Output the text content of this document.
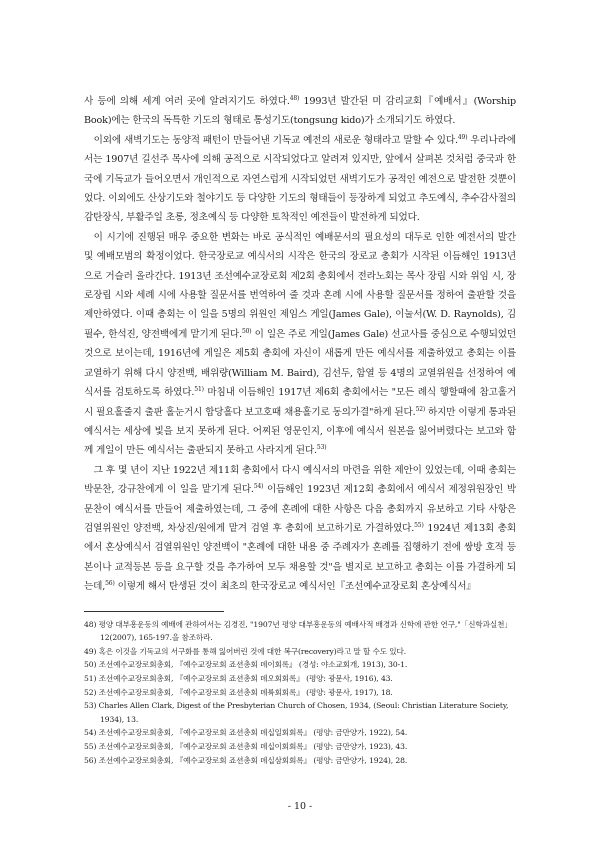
사 등에 의해 세계 여러 곳에 알려지기도 하였다.$^{48)}$ 1993년 발간된 미 감리교회『예배서』(Worship Book)에는 한국의 독특한 기도의 형태로 통성기도(tongsung kido)가 소개되기도 하였다.

이외에 새벽기도는 동양적 패턴이 만들어낸 기독교 예전의 새로운 형태라고 말할 수 있다.$^{49)}$ 우리나라에서는 1907년 길선주 목사에 의해 공적으로 시작되었다고 알려져 있지만, 앞에서 살펴본 것처럼 중국과 한국에 기독교가 들어오면서 개인적으로 자연스럽게 시작되었던 새벽기도가 공적인 예전으로 발전한 것뿐이었다. 이외에도 산상기도와 철야기도 등 다양한 기도의 형태들이 등장하게 되었고 추도예식, 추수감사절의 감탄장식, 부활주일 초롱, 정초예식 등 다양한 토착적인 예전들이 발전하게 되었다.

이 시기에 진행된 매우 중요한 변화는 바로 공식적인 예배문서의 필요성의 대두로 인한 예전서의 발간 및 예배모범의 확정이었다. 한국장로교 예식서의 시작은 한국의 장로교 총회가 시작된 이듬해인 1913년으로 거슬러 올라간다. 1913년 조선예수교장로회 제2회 총회에서 전라노회는 목사 장립 시와 위임 시, 장로장립 시와 세례 시에 사용할 질문서를 번역하여 줄 것과 혼례 시에 사용할 질문서를 정하여 출판할 것을 제안하였다. 이때 총회는 이 일을 5명의 위원인 제임스 게일(James Gale), 이눌서(W. D. Raynolds), 김필수, 한석진, 양전백에게 맡기게 된다.$^{50)}$ 이 일은 주로 게일(James Gale) 선교사를 중심으로 수행되었던 것으로 보이는데, 1916년에 게일은 제5회 총회에 자신이 새롭게 만든 예식서를 제출하였고 총회는 이를 교열하기 위해 다시 양전백, 배위량(William M. Baird), 김선두, 함열 등 4명의 교열위원을 선정하여 예식서를 검토하도록 하였다.$^{51)}$ 마침내 이듬해인 1917년 제6회 총회에서는 "모든 례식 햏할때에 참고홀거시 필요홀줄지 출판 홀눈거시 합당홀다 보고호때 채용홀기로 동의가결"하게 된다.$^{52)}$ 하지만 이렇게 통과된 예식서는 세상에 빛을 보지 못하게 된다. 어찌된 영문인지, 이후에 예식서 원본을 잃어버렸다는 보고와 함께 게일이 만든 예식서는 출판되지 못하고 사라지게 된다.$^{53)}$

그 후 몇 년이 지난 1922년 제11회 총회에서 다시 예식서의 마련을 위한 제안이 있었는데, 이때 총회는 박문찬, 강규찬에게 이 일을 맡기게 된다.$^{54)}$ 이듬해인 1923년 제12회 총회에서 예식서 제정위원장인 박문찬이 예식서를 만들어 제출하였는데, 그 중에 혼례에 대한 사항은 다음 총회까지 유보하고 기타 사항은 검열위원인 양전백, 차상진/원에게 맡겨 검열 후 총회에 보고하기로 가결하였다.$^{55)}$ 1924년 제13회 총회에서 혼상예식서 검열위원인 양전백이 "혼례에 대한 내용 중 주례자가 혼례를 집행하기 전에 쌍방 호적 등본이나 교적등본 등을 요구할 것을 추가하여 모두 채용할 것"을 별지로 보고하고 총회는 이를 가결하게 되는데,$^{56)}$ 이렇게 해서 탄생된 것이 최초의 한국장로교 예식서인『조선예수교장로회 혼상예식서』

48) 평양 대부흥운동의 예배에 관하여서는 김경진, "1907년 평양 대부흥운동의 예배사적 배경과 신학에 관한 연구,"「신학과실천」12(2007), 165-197.을 참조하라.

49) 혹은 이것을 기독교의 서구화를 통해 잃어버린 것에 대한 복구(recovery)라고 말 할 수도 있다.

50) 조선예수교장로회총회, 『예수교장로회 죠션총회 뎨이회록』 (경성: 야소교회개, 1913), 30-1.

51) 조선예수교장로회총회, 『예수교장로회 죠션총회 뎨오회회록』 (평양: 광문사, 1916), 43.

52) 조선예수교장로회총회, 『예수교장로회 죠션총회 뎨륙회회록』 (평양: 광문사, 1917), 18.

53) Charles Allen Clark, Digest of the Presbyterian Church of Chosen, 1934, (Seoul: Christian Literature Society, 1934), 13.

54) 조선예수교장로회총회, 『예수교장로회 죠션총회 뎨십일회회록』 (평양: 금만양가, 1922), 54.

55) 조선예수교장로회총회, 『예수교장로회 죠션총회 뎨십이회회록』 (평양: 금만양가, 1923), 43.

56) 조선예수교장로회총회, 『예수교장로회 죠션총회 뎨십삼회회록』 (평양: 금만양가, 1924), 28.

- 10 -
